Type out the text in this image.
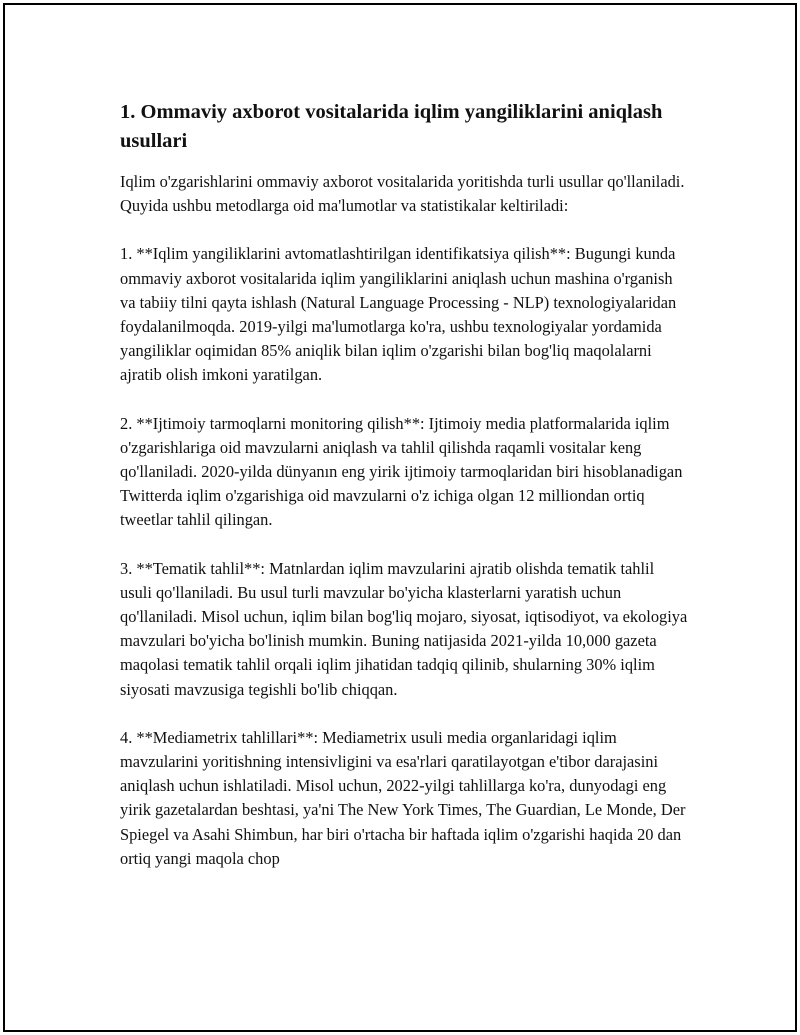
1. Ommaviy axborot vositalarida iqlim yangiliklarini aniqlash usullari

Iqlim o'zgarishlarini ommaviy axborot vositalarida yoritishda turli usullar qo'llaniladi. Quyida ushbu metodlarga oid ma'lumotlar va statistikalar keltiriladi:

1. **Iqlim yangiliklarini avtomatlashtirilgan identifikatsiya qilish**: Bugungi kunda ommaviy axborot vositalarida iqlim yangiliklarini aniqlash uchun mashina o'rganish va tabiiy tilni qayta ishlash (Natural Language Processing - NLP) texnologiyalaridan foydalanilmoqda. 2019-yilgi ma'lumotlarga ko'ra, ushbu texnologiyalar yordamida yangiliklar oqimidan 85% aniqlik bilan iqlim o'zgarishi bilan bog'liq maqolalarni ajratib olish imkoni yaratilgan.

2. **Ijtimoiy tarmoqlarni monitoring qilish**: Ijtimoiy media platformalarida iqlim o'zgarishlariga oid mavzularni aniqlash va tahlil qilishda raqamli vositalar keng qo'llaniladi. 2020-yilda dünyanın eng yirik ijtimoiy tarmoqlaridan biri hisoblanadigan Twitterda iqlim o'zgarishiga oid mavzularni o'z ichiga olgan 12 milliondan ortiq tweetlar tahlil qilingan.

3. **Tematik tahlil**: Matnlardan iqlim mavzularini ajratib olishda tematik tahlil usuli qo'llaniladi. Bu usul turli mavzular bo'yicha klasterlarni yaratish uchun qo'llaniladi. Misol uchun, iqlim bilan bog'liq mojaro, siyosat, iqtisodiyot, va ekologiya mavzulari bo'yicha bo'linish mumkin. Buning natijasida 2021-yilda 10,000 gazeta maqolasi tematik tahlil orqali iqlim jihatidan tadqiq qilinib, shularning 30% iqlim siyosati mavzusiga tegishli bo'lib chiqqan.

4. **Mediametrix tahlillari**: Mediametrix usuli media organlaridagi iqlim mavzularini yoritishning intensivligini va esa'rlari qaratilayotgan e'tibor darajasini aniqlash uchun ishlatiladi. Misol uchun, 2022-yilgi tahlillarga ko'ra, dunyodagi eng yirik gazetalardan beshtasi, ya'ni The New York Times, The Guardian, Le Monde, Der Spiegel va Asahi Shimbun, har biri o'rtacha bir haftada iqlim o'zgarishi haqida 20 dan ortiq yangi maqola chop
